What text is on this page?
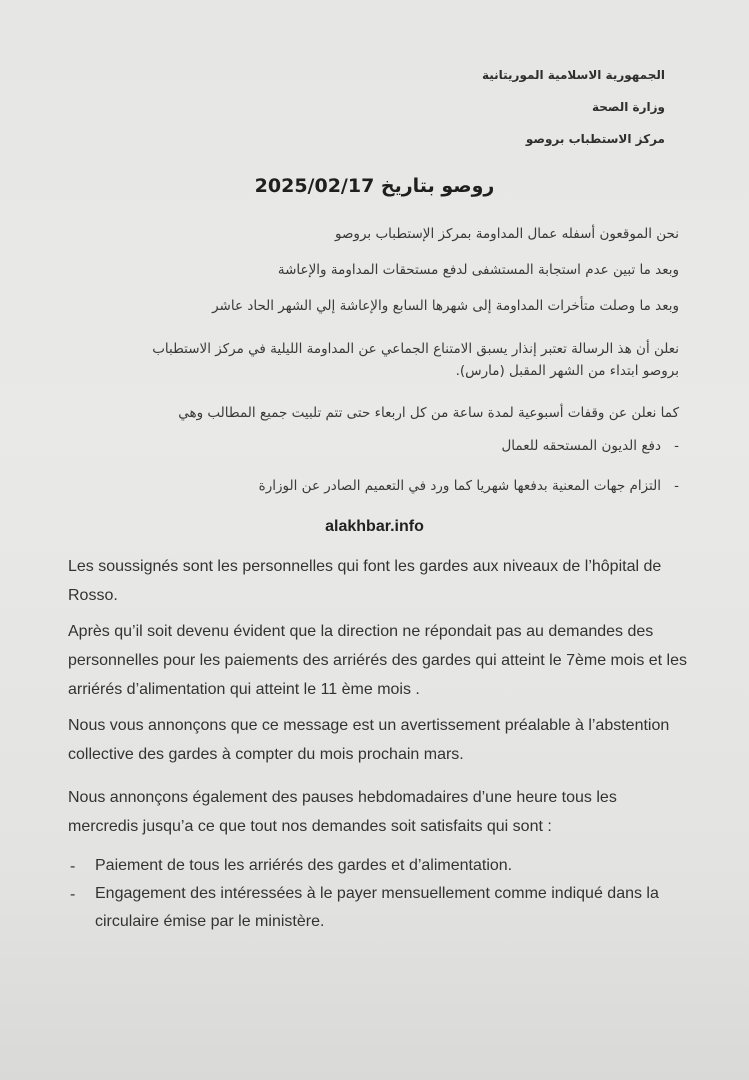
الجمهورية الاسلامية الموريتانية
وزارة الصحة
مركز الاستطباب بروصو
روصو بتاريخ 2025/02/17
نحن الموقعون أسفله عمال المداومة بمركز الإستطباب بروصو
وبعد ما تبين عدم استجابة المستشفى لدفع مستحقات المداومة والإعاشة
وبعد ما وصلت متأخرات المداومة إلى شهرها السابع والإعاشة إلي الشهر الحاد عاشر
نعلن أن هذ الرسالة تعتبر إنذار يسبق الامتناع الجماعي عن المداومة الليلية في مركز الاستطباب
بروصو ابتداء من الشهر المقبل (مارس).
كما نعلن عن وقفات أسبوعية لمدة ساعة من كل اربعاء حتى تتم تلبيت جميع المطالب وهي
-
دفع الديون المستحقه للعمال
-
التزام جهات المعنية بدفعها شهريا كما ورد في التعميم الصادر عن الوزارة
alakhbar.info
Les soussignés sont les personnelles qui font les gardes aux niveaux de l’hôpital de Rosso.
Après qu’il soit devenu évident que la direction ne répondait pas au demandes des personnelles pour les paiements des arriérés des gardes qui atteint le 7ème mois et les arriérés d’alimentation qui atteint le 11 ème mois .
Nous vous annonçons que ce message est un avertissement préalable à l’abstention collective des gardes à compter du mois prochain mars.
Nous annonçons également des pauses hebdomadaires d’une heure tous les mercredis jusqu’a ce que tout nos demandes soit satisfaits qui sont :
- Paiement de tous les arriérés des gardes et d’alimentation.
- Engagement des intéressées à le payer mensuellement comme indiqué dans la circulaire émise par le ministère.
